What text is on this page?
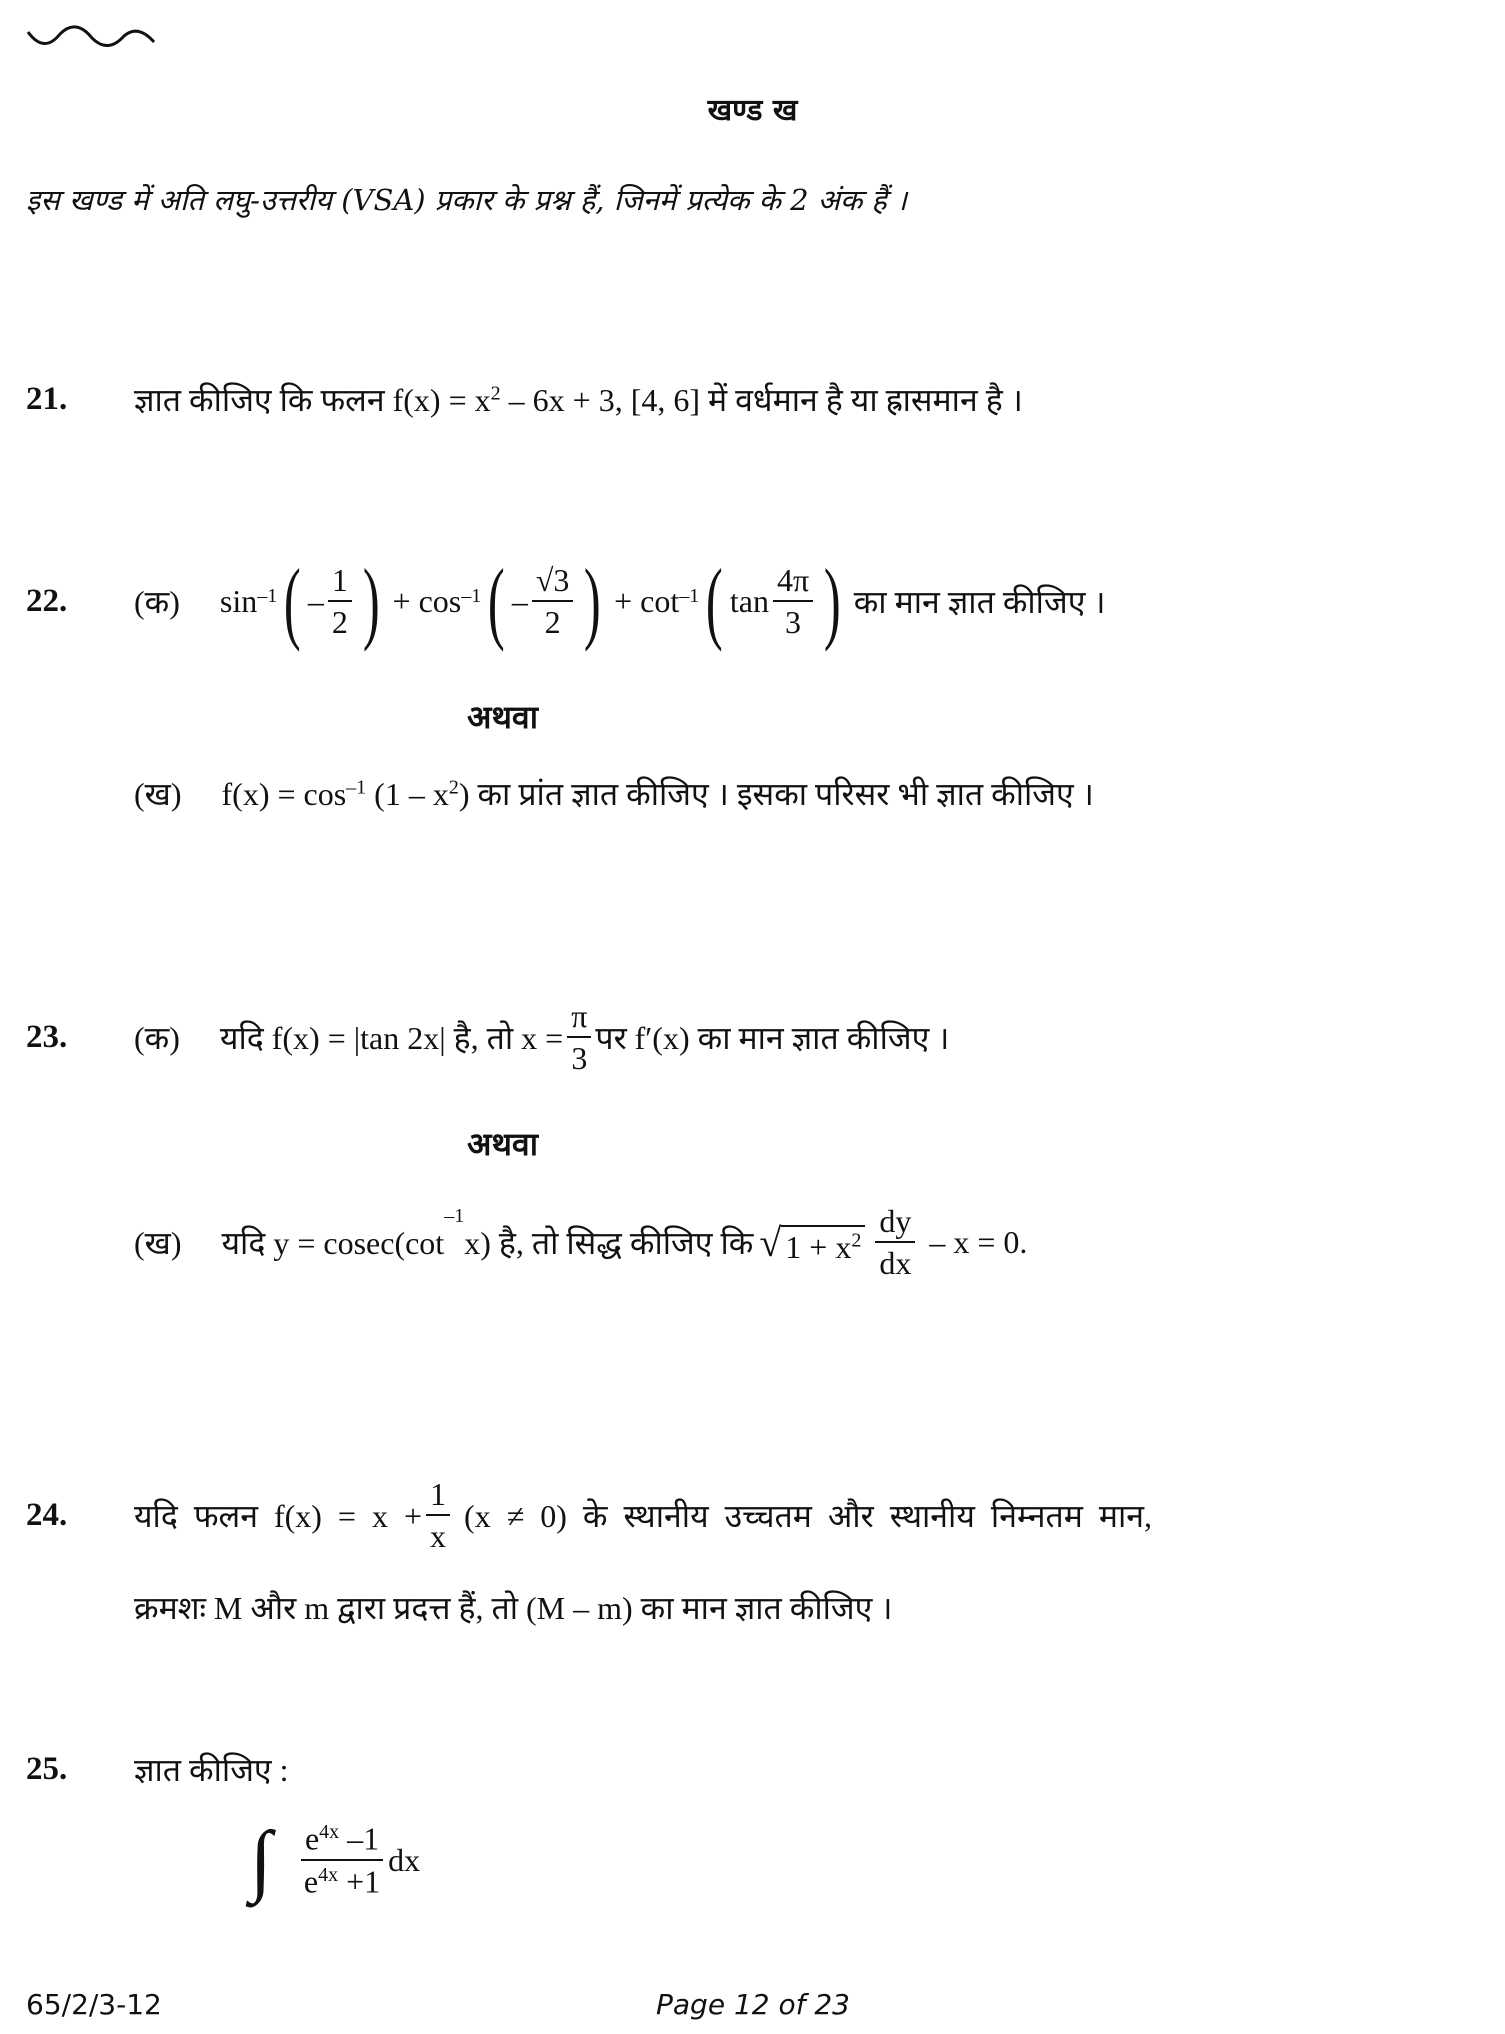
खण्ड ख
इस खण्ड में अति लघु-उत्तरीय (VSA) प्रकार के प्रश्न हैं, जिनमें प्रत्येक के 2 अंक हैं ।
21.	ज्ञात कीजिए कि फलन $f(x) = x^2 - 6x + 3$, [4, 6] में वर्धमान है या ह्रासमान है ।
22.	(क) sin –1 ( – $\frac{1}{2}$ ) + cos –1 ( – $\frac{√3}{2}$ ) + cot –1 ( $\tan \frac{4\pi}{3}$ ) का मान ज्ञात कीजिए ।
अथवा
(ख) $f(x) = \cos^{-1} (1 - x^2)$ का प्रांत ज्ञात कीजिए । इसका परिसर भी ज्ञात कीजिए ।
23.	(क) यदि f(x) = |tan 2x| है, तो $x = \frac{\pi}{3}$ पर f′(x) का मान ज्ञात कीजिए ।
अथवा
(ख) यदि y = cosec(cot
$^{-1}$
x) है, तो सिद्ध कीजिए कि √ $1 + x^2 \frac{dy}{dx} - x = 0$.
24.	यदि फलन $f(x) = x + \frac{1}{x} (x \ne 0)$ के स्थानीय उच्चतम और स्थानीय निम्नतम मान,
क्रमशः M और m द्वारा प्रदत्त हैं, तो (M – m) का मान ज्ञात कीजिए ।
25.	ज्ञात कीजिए :
∫ $\frac{e^{4x} -1}{e^{4x} +1}$ dx
65/2/3-12	Page 12 of 23
